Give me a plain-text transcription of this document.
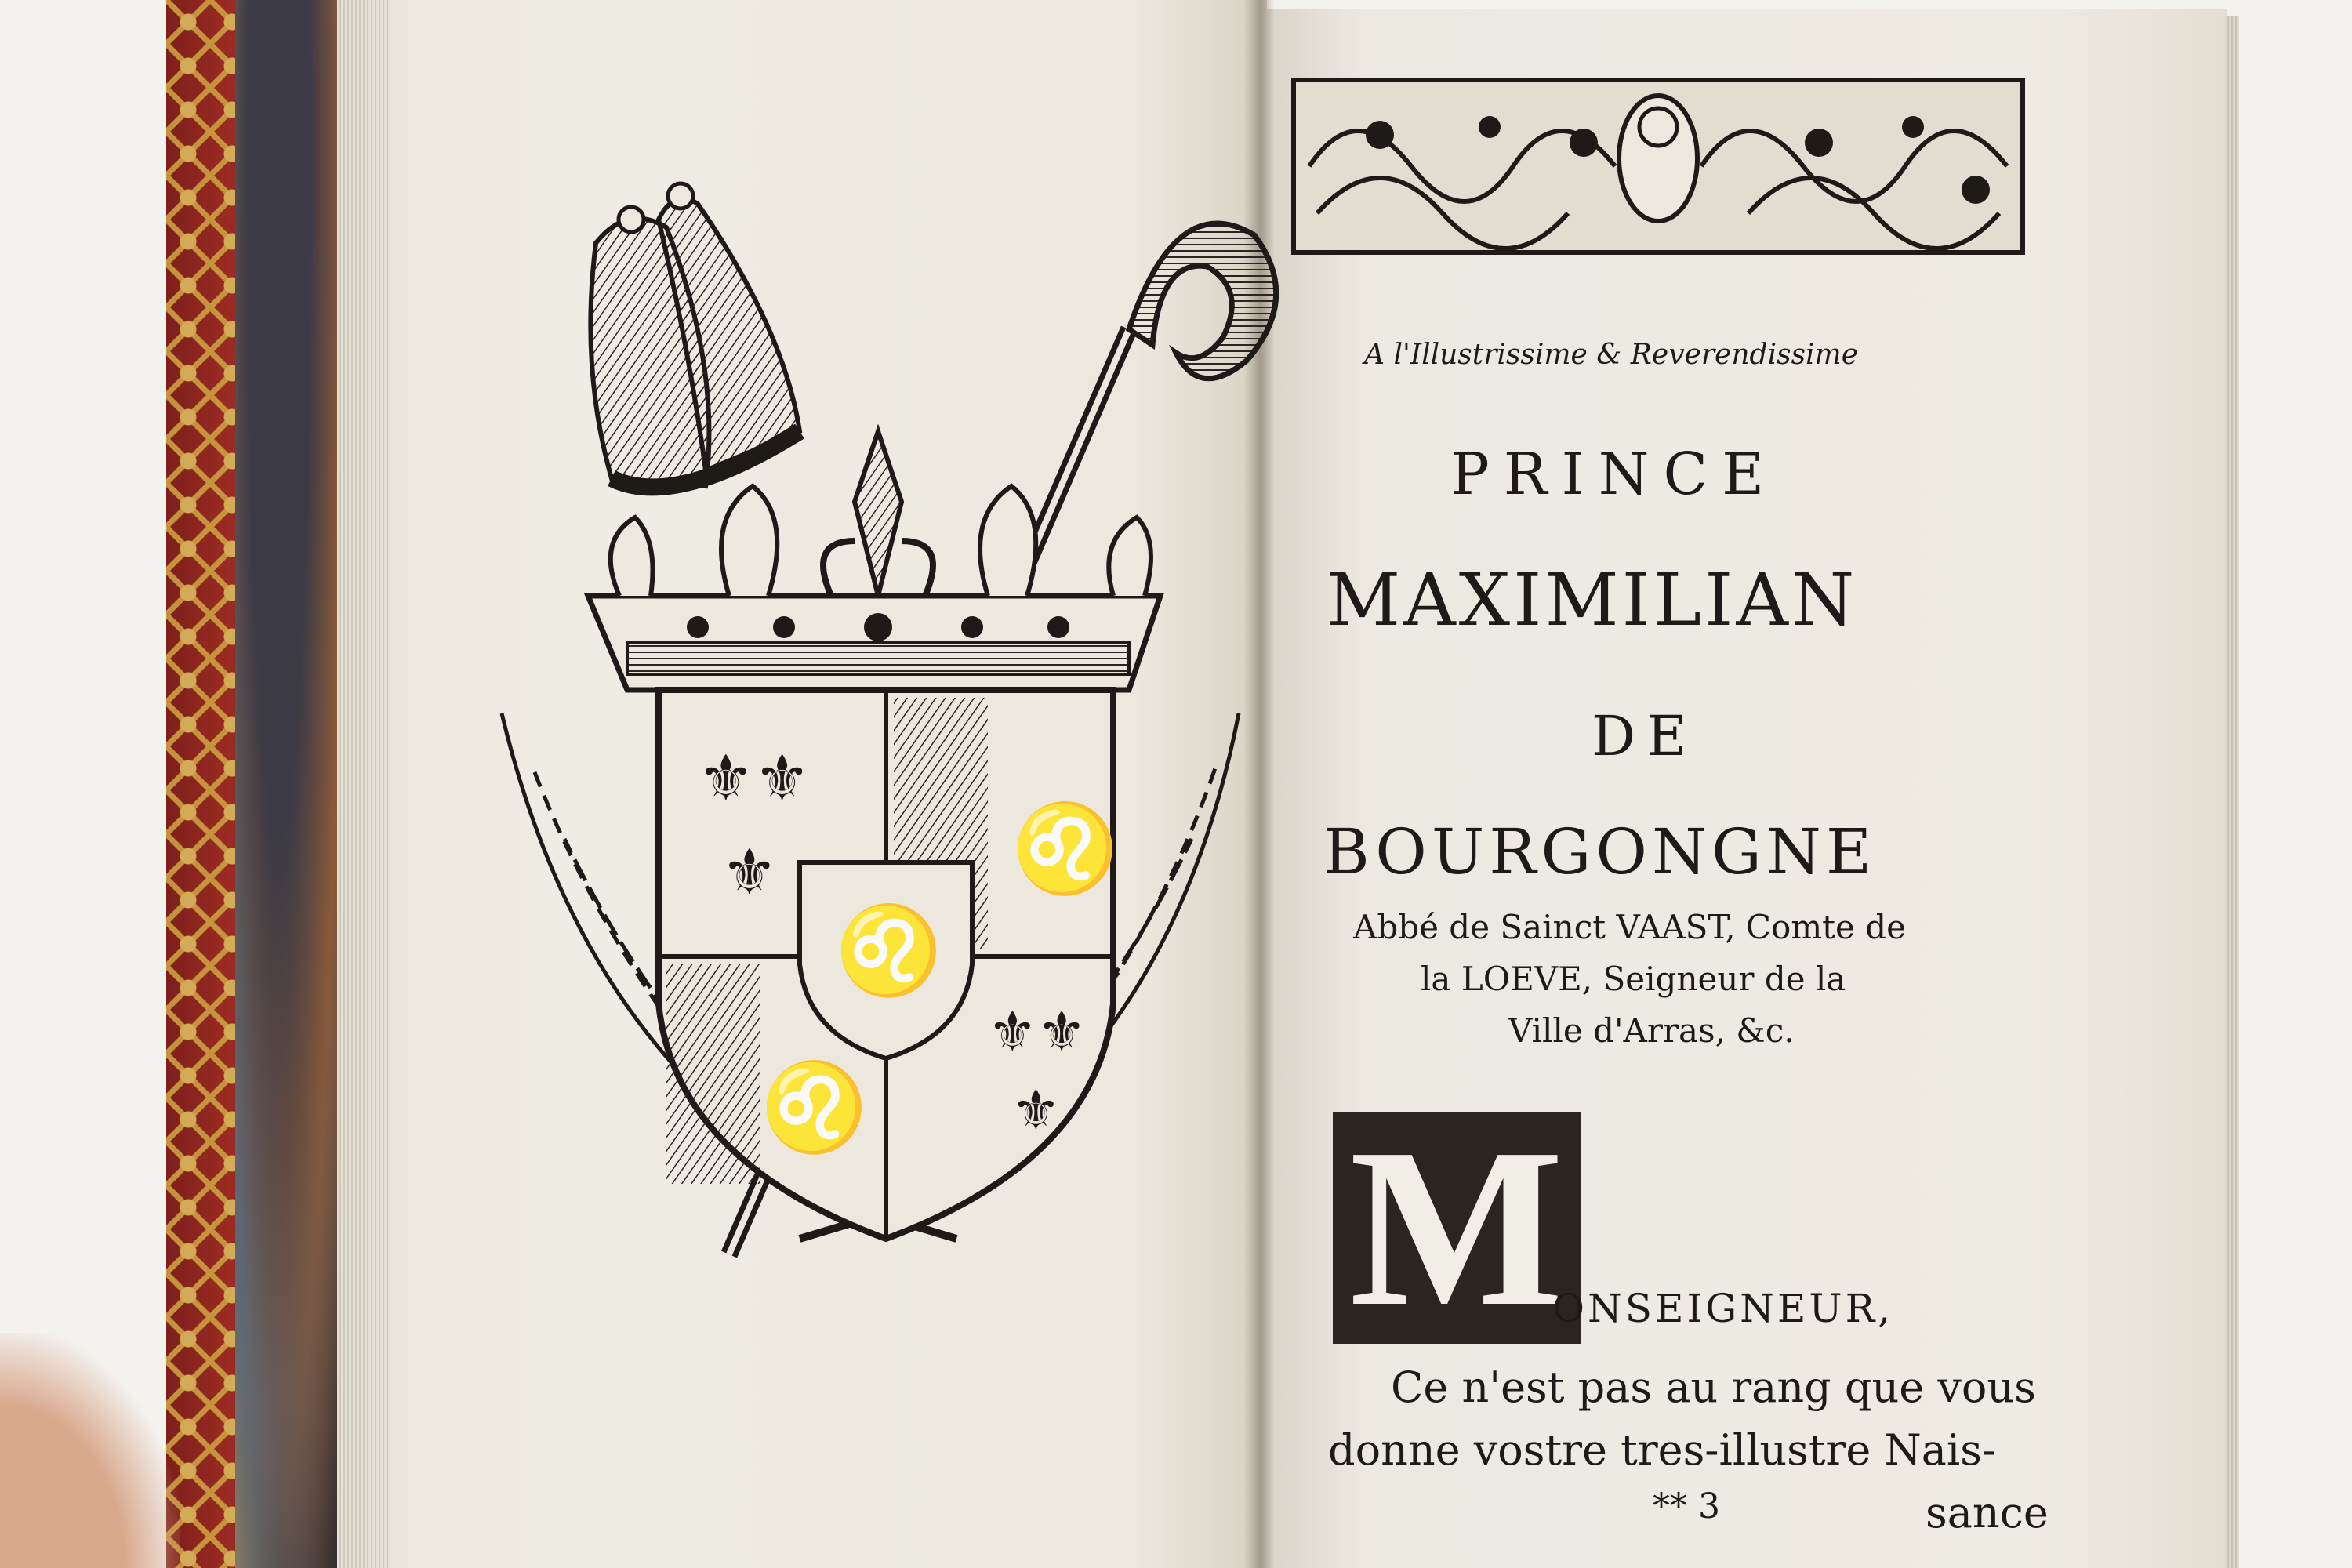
⚜⚜
⚜
⚜⚜
⚜
♌
♌
♌
A l'Illustrissime & Reverendissime
PRINCE
MAXIMILIAN
DE
BOURGONGNE
Abbé de Sainct VAAST, Comte de
la LOEVE, Seigneur de la
Ville d'Arras, &c.
M
ONSEIGNEUR,
Ce n'est pas au rang que vous
donne vostre tres-illustre Nais-
** 3	sance
